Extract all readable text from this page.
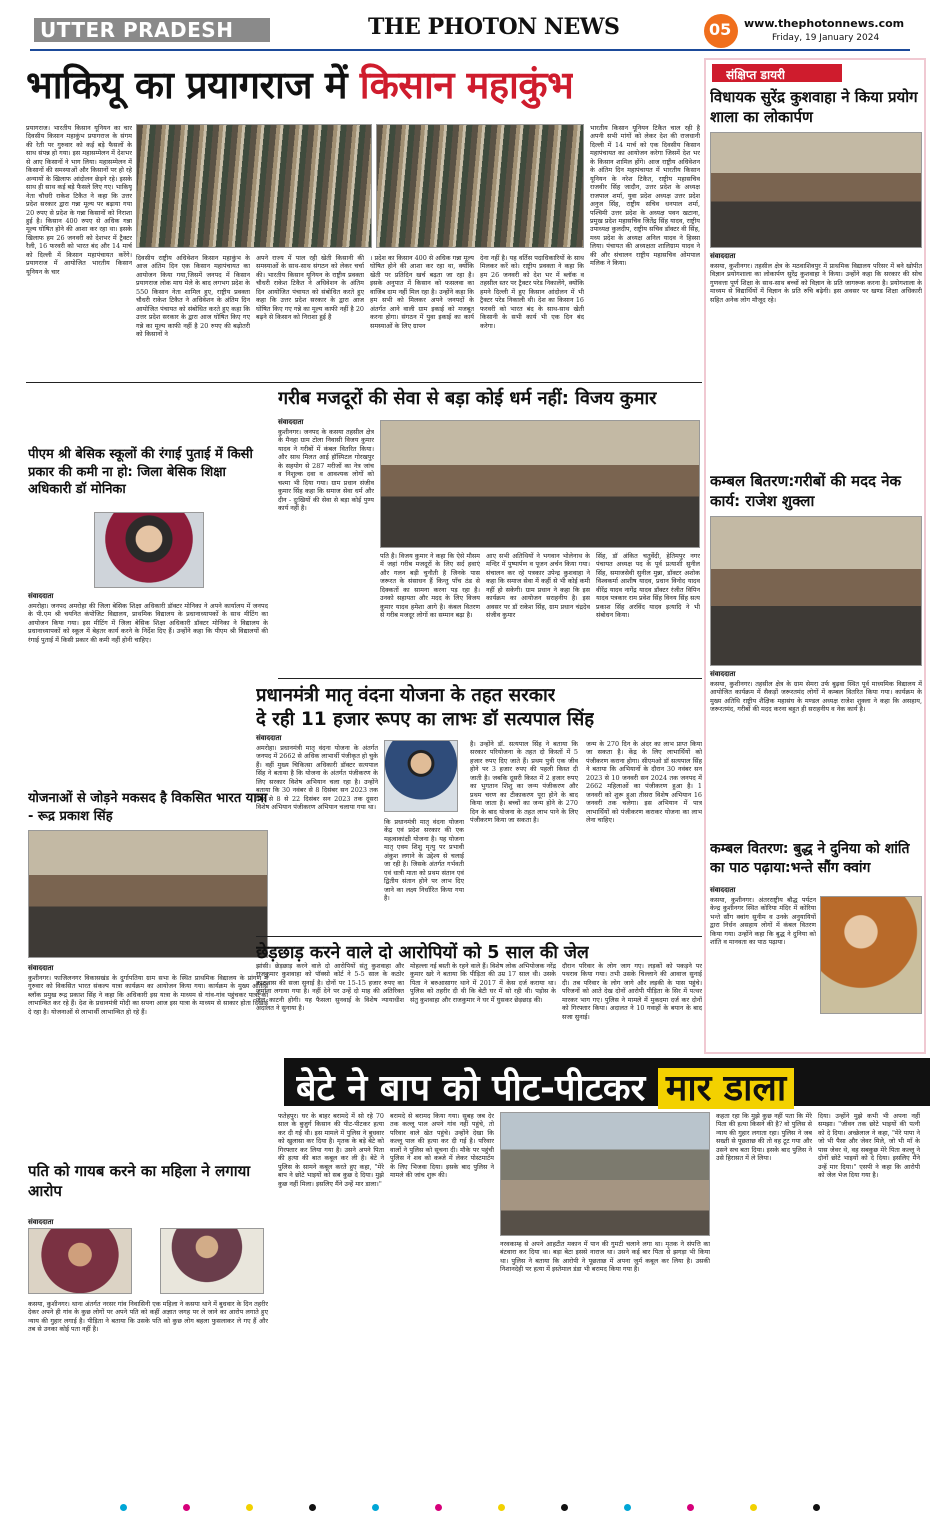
UTTER PRADESH	THE PHOTON NEWS	05 www.thephotonnews.com
Friday, 19 January 2024
भाकियू का प्रयागराज में किसान महाकुंभ
प्रयागराज। भारतीय किसान यूनियन का चार दिवसीय किसान महाकुंभ प्रयागराज के संगम की रेती पर गुरुवार को कई बड़े फैसलों के साथ संपन्न हो गया। इस महासम्मेलन में देशभर से आए किसानों ने भाग लिया। महासम्मेलन में किसानों की समस्याओं और किसानों पर हो रहे अन्यायों के खिलाफ आंदोलन छेड़ने रहे। इसके साथ ही साथ कई बड़े फैसले लिए गए। भाकियू नेता चौधरी राकेश टिकैत ने कहा कि उत्तर प्रदेश सरकार द्वारा गन्ना मूल्य पर बढ़ाया गया 20 रुपए से प्रदेश के गन्ना किसानों को निराशा हुई है। किसान 400 रुपए से अधिक गन्ना मूल्य घोषित होने की आशा कर रहा था। इसके खिलाफ हम 26 जनवरी को देशभर में ट्रैक्टर रैली, 16 फरवरी को भारत बंद और 14 मार्च को दिल्ली में किसान महापंचायत करेंगे। प्रयागराज में आयोजित भारतीय किसान यूनियन के चार
भारतीय किसान यूनियन टिकैत चाल रही है अपनी सभी मांगों को लेकर देश की राजधानी दिल्ली में 14 मार्च को एक दिवसीय किसान महापंचायत का आयोजन करेगा जिसमें देश भर के किसान शामिल होंगे। आज राष्ट्रीय अधिवेशन के अंतिम दिन महापंचायत में भारतीय किसान यूनियन के नरेश टिकैत, राष्ट्रीय महासचिव राजवीर सिंह जादौन, उत्तर प्रदेश के अध्यक्ष राजपाल शर्मा, युवा प्रदेश अध्यक्ष उत्तर प्रदेश अनुज सिंह, राष्ट्रीय सचिव धनपाल शर्मा, पश्चिमी उत्तर प्रदेश के अध्यक्ष पवन खटाना, प्रमुख प्रदेश महासचिव जितेंद्र सिंह यादव, राष्ट्रीय उपाध्यक्ष कुलदीप, राष्ट्रीय सचिव डॉक्टर वी सिंह, मध्य प्रदेश के अध्यक्ष अनिल यादव ने हिस्सा लिया। पंचायत की अध्यक्षता शालिग्राम यादव ने की और संचालन राष्ट्रीय महासचिव ओमपाल मलिक ने किया।
दिवसीय राष्ट्रीय अधिवेशन किसान महाकुंभ के आज अंतिम दिन एक किसान महापंचायत का आयोजन किया गया,जिसमें जनपद में किसान प्रयागराज लोक माघ मेले के बाद लगभग प्रदेश के 550 किसान नेता शामिल हुए, राष्ट्रीय प्रवक्ता चौधरी राकेश टिकैत ने अधिवेशन के अंतिम दिन आयोजित पंचायत को संबोधित करते हुए कहा कि उत्तर प्रदेश सरकार के द्वारा आज घोषित किए गए गन्ने का मूल्य काफी नहीं है 20 रुपए की बढ़ोतरी को किसानों ने
अपने राज्य में पाल रही खेती किसानी की समस्याओं के साथ-साथ संगठन को लेकर चर्चा की। भारतीय किसान यूनियन के राष्ट्रीय प्रवक्ता चौधरी राकेश टिकैत ने अधिवेशन के अंतिम दिन आयोजित पंचायत को संबोधित करते हुए कहा कि उत्तर प्रदेश सरकार के द्वारा आज घोषित किए गए गन्ने का मूल्य काफी नहीं है 20 बढ़ने से किसान को निराशा हुई है
। प्रदेश का किसान 400 से अधिक गन्ना मूल्य घोषित होने की आशा कर रहा था, क्योंकि खेती पर प्रतिदिन खर्च बढ़ता जा रहा है। इसके अनुपात में किसान को फसलवा का वाजिब दाम नहीं मिल रहा है। उन्होंने कहा कि हम सभी को मिलकर अपने जनपदों के अंतर्गत आने वाली ग्राम इकाई को मजबूत करना होगा। संगठन में युवा इकाई का कार्य समस्याओं के लिए ग्रापन
देना नहीं है। यह वर्तिस पदाधिकारियों के साथ मिलकर करें को। राष्ट्रीय प्रवक्ता ने कहा कि हम 26 जनवरी को देश भर में ब्लॉक व तहसील स्तर पर ट्रैक्टर परेड निकालेंगे, क्योंकि हमने दिल्ली में हुए किसान आंदोलन में भी ट्रैक्टर परेड निकाली थी। देश का किसान 16 फरवरी को भारत बंद के साथ-साथ खेती किसानी के सभी कार्य भी एक दिन बंद करेगा।
पीएम श्री बेसिक स्कूलों की रंगाई पुताई में किसी प्रकार की कमी ना हो: जिला बेसिक शिक्षा अधिकारी डॉ मोनिका
संवाददाता
अमरोहा। जनपद अमरोहा की जिला बेसिक शिक्षा अधिकारी डॉक्टर मोनिका ने अपने कार्यालय में जनपद के पी.एम श्री चयनित कंपोजिट विद्यालय, प्राथमिक विद्यालय के प्रधानाध्यापकों के साथ मीटिंग का आयोजन किया गया। इस मीटिंग में जिला बेसिक शिक्षा अधिकारी डॉक्टर मोनिका ने विद्यालय के प्रधानाध्यापकों को स्कूल में बेहतर कार्य करने के निर्देश दिए हैं। उन्होंने कहा कि पीएम श्री विद्यालयों की रंगाई पुताई में किसी प्रकार की कमी नहीं होनी चाहिए।
योजनाओं से जोड़ने मकसद है विकसित भारत यात्रा - रूद्र प्रकाश सिंह
संवाददाता
कुशीनगर। फाजिलनगर विकासखंड के दुर्गापतिया ग्राम सभा के स्थित प्राथमिक विद्यालय के प्रांगण में गुरुवार को विकसित भारत संकल्प यात्रा कार्यक्रम का आयोजन किया गया। कार्यक्रम के मुख्य अतिथि ब्लॉक प्रमुख रूद्र प्रकाश सिंह ने कहा कि अधिकारी इस यात्रा के माध्यम से गांव-गांव पहुंचकर पात्रों को लाभान्वित कर रहे हैं। देश के प्रधानमंत्री मोदी का सपना आज इस यात्रा के माध्यम से साकार होता दिखाई दे रहा है। योजनाओं से लाभार्थी लाभान्वित हो रहे हैं।
पति को गायब करने का महिला ने लगाया आरोप
संवाददाता
कसया, कुशीनगर। थाना अंतर्गत नरसर गांव निवासिनी एक महिला ने कसया थाने में बुधवार के दिन तहरीर देकर अपने ही गांव के कुछ लोगों पर अपने पति को कहीं अज्ञात जगह पर ले जाने का आरोप लगाते हुए न्याय की गुहार लगाई है। पीड़िता ने बताया कि उसके पति को कुछ लोग बहला फुसलाकर ले गए हैं और तब से उनका कोई पता नहीं है।
गरीब मजदूरों की सेवा से बड़ा कोई धर्म नहीं: विजय कुमार
संवाददाता
कुशीनगर। जनपद के कसया तहसील क्षेत्र के मैनहा ग्राम टोला निवासी विजय कुमार यादव ने गरीबों में कंबल वितरित किया। और साथ मिलत आई हॉस्पिटल गोरखपुर के सहयोग से 287 मरीजों का नेत्र जांच व निशुल्क दवा व आवश्यक लोगों को चश्मा भी दिया गया। ग्राम प्रधान संजीव कुमार सिंह कहा कि समाज सेवा धर्म और दीन - दुःखियों की सेवा से बड़ा कोई पुण्य कार्य नहीं है।
पति है। विजय कुमार ने कहा कि ऐसे मौसम में जहां गरीब मजदूरों के लिए सर्द हवाएं और गलन बड़ी चुनौती है जिनके पास जरूरत के संसाधन हैं किन्तु पाँच ठंड से दिक्कतों का सामना करना पड़ रहा है। उनको सहायता और मदद के लिए विजय कुमार यादव हमेशा आगे है। कंबल वितरण से गरीब मजदूर लोगों का सम्मान बढ़ा है।
आए सभी अतिथियों ने भगवान भोलेनाथ के मन्दिर में पुष्पार्पण व पूजन अर्चन किया गया। संचालन कर रहे पत्रकार उपेन्द्र कुशवाहा ने कहा कि समाज सेवा में कहीं से भी कोई कमी नहीं हो सकेगी। ग्राम प्रधान ने कहा कि इस कार्यक्रम का आयोजन सराहनीय है। इस अवसर पर डॉ राकेश सिंह, ग्राम प्रधान चंद्रदेव संजीव कुमार
सिंह, डॉ अंकित चतुर्वेदी, हेतिमपुर नगर पंचायत अध्यक्ष पद के पूर्व प्रत्याशी सुनील सिंह, समाजसेवी सुनील मुन्ना, डॉक्टर अशोक विश्वकर्मा आशीष यादव, प्रधान विनोद यादव वीरेंद्र यादव नागेंद्र यादव डॉक्टर रंजीत विपिन यादव पत्रकार राम प्रवेश सिंह विनय सिंह सत्य प्रकाश सिंह अरविंद यादव इत्यादि ने भी संबोधन किया।
प्रधानमंत्री मातृ वंदना योजना के तहत सरकार
दे रही 11 हजार रूपए का लाभः डॉ सत्यपाल सिंह
संवाददाता
अमरोहा। प्रधानमंत्री मातृ वंदना योजना के अंतर्गत जनपद में 2662 से अधिक लाभार्थी पंजीकृत हो चुके हैं। वहीं मुख्य चिकित्सा अधिकारी डॉक्टर सत्यपाल सिंह ने बताया है कि योजना के अंतर्गत पंजीकरण के लिए सरकार विशेष अभियान चला रहा है। उन्होंने बताया कि 30 नवंबर से 8 दिसंबर सन 2023 तक फिर से 8 से 22 दिसंबर सन 2023 तक दूसरा विशेष अभियान पंजीकरण अभियान चलाया गया था।
कि प्रधानमंत्री मातृ वंदना योजना केंद्र एवं प्रदेश सरकार की एक महत्वाकांक्षी योजना है। यह योजना मातृ एवम शिशु मृत्यु पर प्रभावी अंकुश लगाने के उद्देश्य से चलाई जा रही है। जिसके अंतर्गत गर्भवती एवं धात्री माता को प्रथम संतान एवं द्वितीय संतान होने पर लाभ दिए जाने का लक्ष्य निर्धारित किया गया है।
है। उन्होंने डॉ. सत्यपाल सिंह ने बताया कि सरकार परियोजना के तहत दो किस्तों में 5 हजार रुपए दिए जाते हैं। प्रथम पुत्री एक जीव होने पर 3 हजार रुपए की पहली किस्त दी जाती है। जबकि दूसरी किस्त में 2 हजार रुपए का भुगतान शिशु का जन्म पंजीकरण और प्रथम चरण का टीकाकरण पूरा होने के बाद किया जाता है। बच्चों का जन्म होने के 270 दिन के बाद योजना के तहत लाभ पाने के लिए पंजीकरण किया जा सकता है।
जन्म के 270 दिन के अंदर का लाभ प्राप्त किया जा सकता है। केंद्र के लिए लाभार्थियों को पंजीकरण कराना होगा। सीएमओ डॉ सत्यपाल सिंह ने बताया कि अभियानों के दौरान 30 नवंबर सन 2023 से 10 जनवरी सन 2024 तक जनपद में 2662 महिलाओं का पंजीकरण हुआ है। 1 जनवरी को शुरू हुआ तीसरा विशेष अभियान 16 जनवरी तक चलेगा। इस अभियान में पात्र लाभार्थियों को पंजीकरण कराकर योजना का लाभ लेना चाहिए।
छेड़छाड़ करने वाले दो आरोपियों को 5 साल की जेल
झांसी। छेड़छाड़ करने वाले दो आरोपियों संतु कुशवाहा और राजकुमार कुशवाहा को पॉक्सो कोर्ट ने 5-5 साल के कठोर कारावास की सजा सुनाई है। दोनों पर 15-15 हजार रुपए का जुर्माना लगाया गया है। नहीं देने पर उन्हें दो माह की अतिरिक्त जेल काटनी होगी। यह फैसला सुनवाई के विशेष न्यायाधीश अदालत ने सुनाया है।
मोहल्ला नई बस्ती के रहने वाले हैं। विशेष लोक अभियोजक नरेंद्र कुमार खरे ने बताया कि पीड़िता की उम्र 17 साल थी। उसके पिता ने बरुआसागर थाने में 2017 में केस दर्ज कराया था। पुलिस को तहरीर दी थी कि बेटी घर में सो रही थी। पड़ोस के संतु कुशवाहा और राजकुमार ने घर में घुसकर छेड़छाड़ की।
दौरान परिवार के लोग जाग गए। लड़कों को पकड़ने पर पथराव किया गया। तभी उसके चिल्लाने की आवाज सुनाई दी। तब परिवार के लोग जागे और लड़की के पास पहुंचे। परिजनों को आते देख दोनों आरोपी पीड़िता के सिर में पत्थर मारकर भाग गए। पुलिस ने मामले में मुकदमा दर्ज कर दोनों को गिरफ्तार किया। अदालत ने 10 गवाहों के बयान के बाद सजा सुनाई।
बेटे ने बाप को पीट-पीटकर मार डाला
फतेहपुर। घर के बाहर बरामदे में सो रहे 70 साल के बुजुर्ग किसान की पीट-पीटकर हत्या कर दी गई थी। इस मामले में पुलिस ने बुधवार को खुलासा कर दिया है। मृतक के बड़े बेटे को गिरफ्तार कर लिया गया है। उसने अपने पिता की हत्या की बात कबूल कर ली है। बेटे ने पुलिस के सामने कबूल करते हुए कहा, "मेरे बाप ने छोटे भाइयों को सब कुछ दे दिया। मुझे कुछ नहीं मिला। इसलिए मैंने उन्हें मार डाला।"
बरामदे से बरामद किया गया। सुबह जब देर तक कल्लू पाल अपने गांव नहीं पहुंचे, तो परिवार वाले खेत पहुंचे। उन्होंने देखा कि कल्लू पाल की हत्या कर दी गई है। परिवार वालों ने पुलिस को सूचना दी। मौके पर पहुंची पुलिस ने शव को कब्जे में लेकर पोस्टमार्टम के लिए भिजवा दिया। इसके बाद पुलिस ने मामले की जांच शुरू की।
नरवकाम्ह से अपने आहटीत मकान में पान की गुमटी चलाने लगा था। मृतक ने संपत्ति का बंटवारा कर दिया था। बड़ा बेटा इससे नाराज था। उसने कई बार पिता से झगड़ा भी किया था। पुलिस ने बताया कि आरोपी ने पूछताछ में अपना जुर्म कबूल कर लिया है। उसकी निशानदेही पर हत्या में इस्तेमाल डंडा भी बरामद किया गया है।
कहता रहा कि मुझे कुछ नहीं पता कि मेरे पिता की हत्या किसने की है? वो पुलिस से न्याय की गुहार लगाता रहा। पुलिस ने जब सख्ती से पूछताछ की तो वह टूट गया और उसने सच बता दिया। इसके बाद पुलिस ने उसे हिरासत में ले लिया।
दिया। उन्होंने मुझे कभी भी अपना नहीं समझा। "जीवन तक छोटे भाइयों की पत्नी को दे दिया। अच्छेलाल ने कहा, "मेरे पापा ने जो भी पैसा और जेवर मिले, जो भी माँ के पास जेवर थे, वह सबकुछ मेरे पिता कल्लू ने दोनों छोटे भाइयों को दे दिया। इसलिए मैंने उन्हें मार दिया।" एसपी ने कहा कि आरोपी को जेल भेज दिया गया है।
संक्षिप्त डायरी
विधायक सुरेंद्र कुशवाहा ने किया प्रयोग शाला का लोकार्पण
संवाददाता
कसया, कुशीनगर। तहसील क्षेत्र के मठवाशिवपुर में प्राथमिक विद्यालय परिसर में बने खोपीत विज्ञान प्रयोगशाला का लोकार्पण सुरेंद्र कुशवाहा ने किया। उन्होंने कहा कि सरकार की सोच गुणवत्ता पूर्ण शिक्षा के साथ-साथ बच्चों को विज्ञान के प्रति जागरूक करना है। प्रयोगशाला के माध्यम से विद्यार्थियों में विज्ञान के प्रति रुचि बढ़ेगी। इस अवसर पर खण्ड शिक्षा अधिकारी सहित अनेक लोग मौजूद रहे।
कम्बल बितरण:गरीबों की मदद नेक कार्य: राजेश शुक्ला
संवाददाता
कसया, कुशीनगर। तहसील क्षेत्र के ग्राम सेमरा उर्फ बुढ़वा स्थित पूर्व माध्यमिक विद्यालय में आयोजित कार्यक्रम में सैकड़ों जरूरतमंद लोगों में कम्बल वितरित किया गया। कार्यक्रम के मुख्य अतिथि राष्ट्रीय शैक्षिक महासंघ के मण्डल अध्यक्ष राजेश शुक्ला ने कहा कि असहाय, जरूरतमंद, गरीबों की मदद करना बहुत ही सराहनीय व नेक कार्य है।
कम्बल वितरण: बुद्ध ने दुनिया को शांति का पाठ पढ़ाया:भन्ते सौंग क्वांग
संवाददाता
कसया, कुशीनगर। अंतरराष्ट्रीय बौद्ध पर्यटन केन्द्र कुशीनगर स्थित कोरिया मंदिर में कोरिया भन्ते सौंग क्वांग सुनीम व उनके अनुयायियों द्वारा निर्धन असहाय लोगों में कंबल वितरण किया गया। उन्होंने कहा कि बुद्ध ने दुनिया को शांति व मानवता का पाठ पढ़ाया।
